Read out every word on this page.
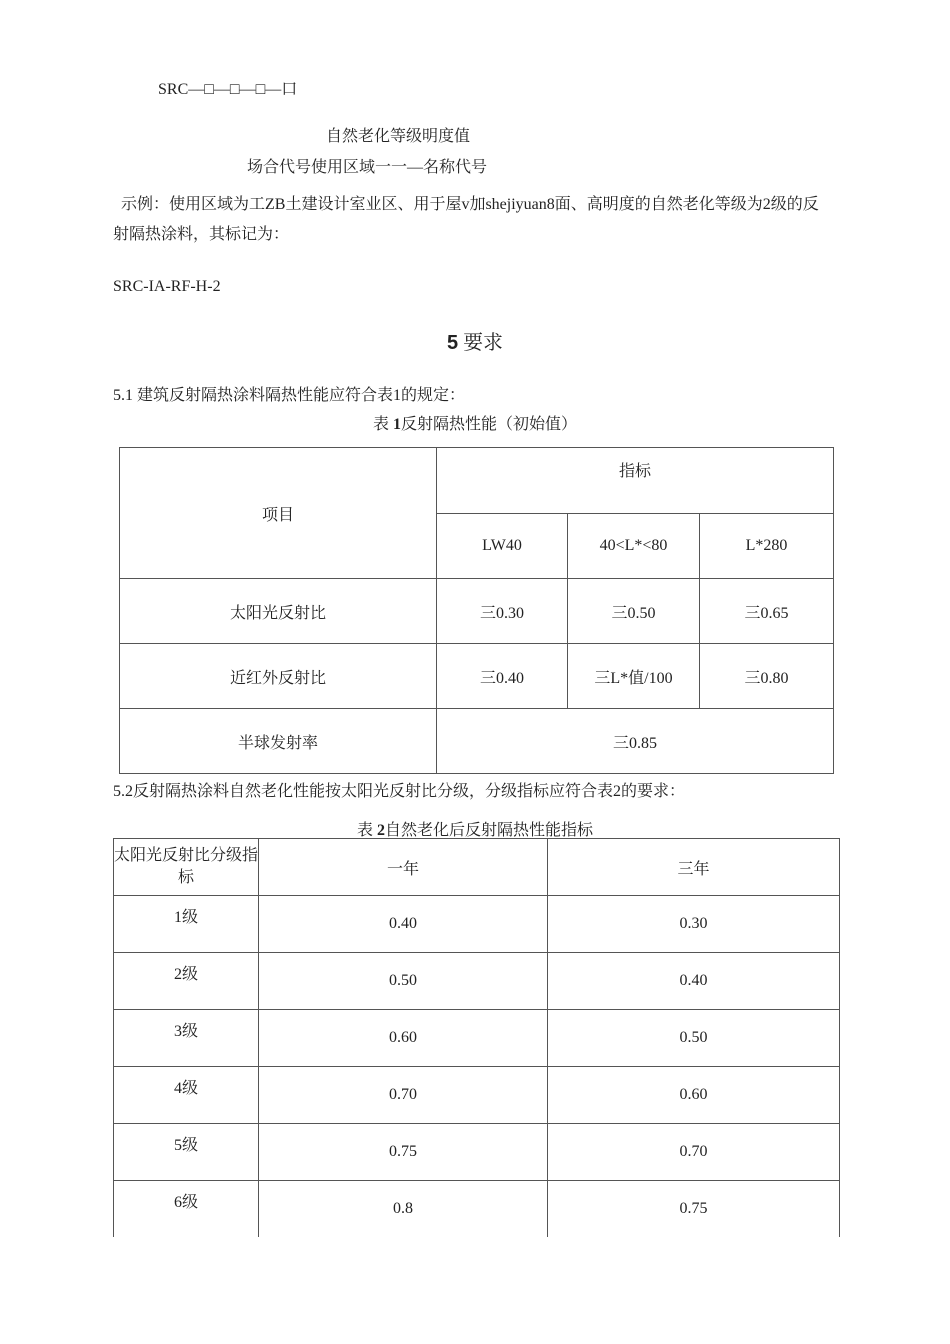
SRC—□—□—□—口
自然老化等级明度值
场合代号使用区域一一—名称代号
示例：使用区域为工ZB土建设计室业区、用于屋v加shejiyuan8面、高明度的自然老化等级为2级的反射隔热涂料，其标记为：
SRC-IA-RF-H-2
5 要求
5.1 建筑反射隔热涂料隔热性能应符合表1的规定：
表 1反射隔热性能（初始值）
项目	指标		
	LW40	40<L*<80	L*280
太阳光反射比	三0.30	三0.50	三0.65
近红外反射比	三0.40	三L*值/100	三0.80
半球发射率	三0.85		
5.2反射隔热涂料自然老化性能按太阳光反射比分级，分级指标应符合表2的要求：
表 2自然老化后反射隔热性能指标
太阳光反射比分级指标	一年	三年
1级	0.40	0.30
2级	0.50	0.40
3级	0.60	0.50
4级	0.70	0.60
5级	0.75	0.70
6级	0.8	0.75
